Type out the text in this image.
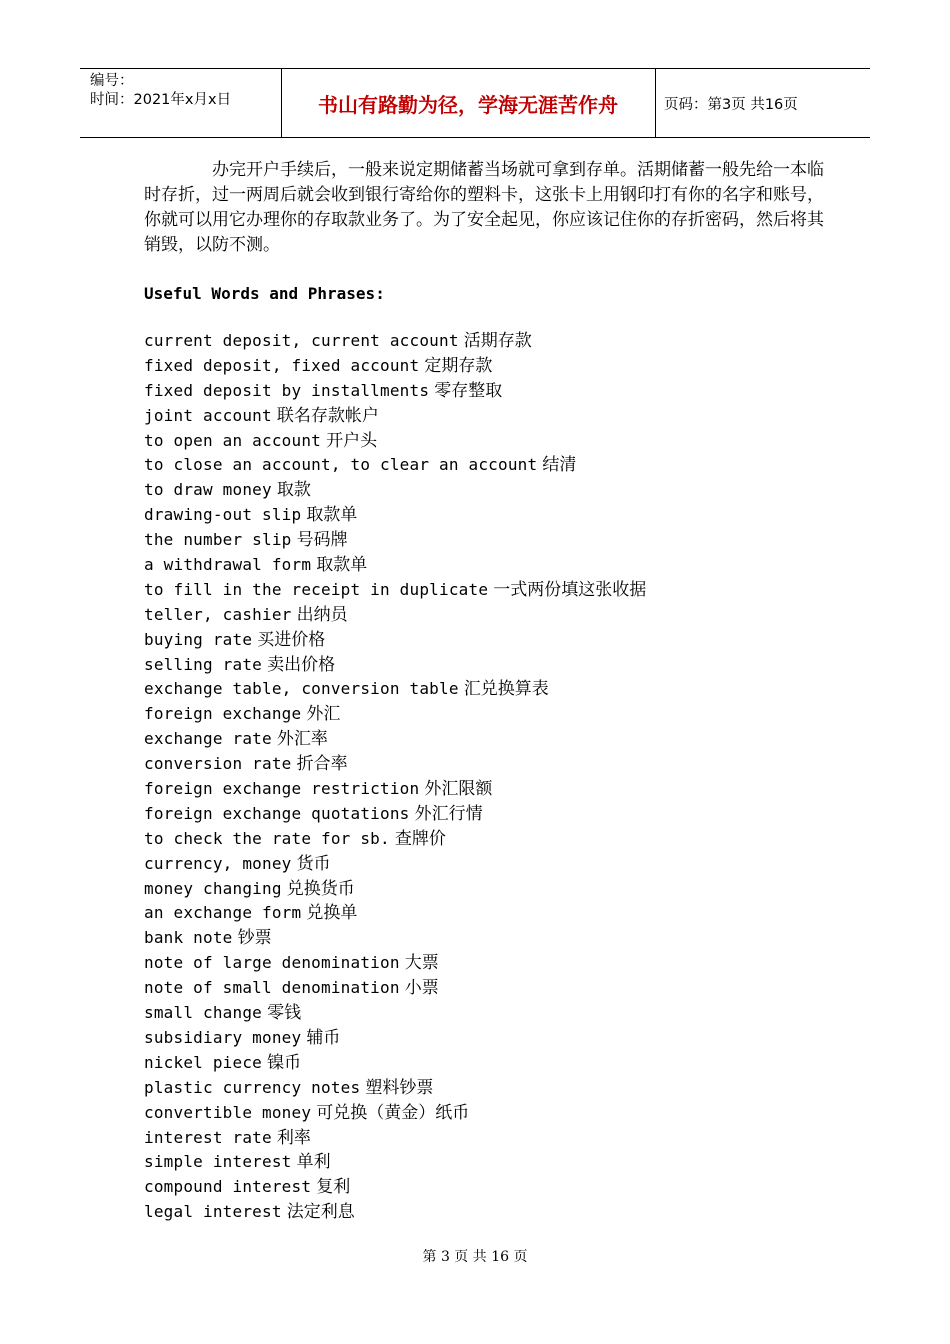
编号：
时间：2021年x月x日	书山有路勤为径，学海无涯苦作舟	页码：第3页 共16页

办完开户手续后，一般来说定期储蓄当场就可拿到存单。活期储蓄一般先给一本临时存折，过一两周后就会收到银行寄给你的塑料卡，这张卡上用钢印打有你的名字和账号，你就可以用它办理你的存取款业务了。为了安全起见，你应该记住你的存折密码，然后将其销毁，以防不测。

Useful Words and Phrases:

current deposit, current account 活期存款
fixed deposit, fixed account 定期存款
fixed deposit by installments 零存整取
joint account 联名存款帐户
to open an account 开户头
to close an account, to clear an account 结清
to draw money 取款
drawing-out slip 取款单
the number slip 号码牌
a withdrawal form 取款单
to fill in the receipt in duplicate 一式两份填这张收据
teller, cashier 出纳员
buying rate 买进价格
selling rate 卖出价格
exchange table, conversion table 汇兑换算表
foreign exchange 外汇
exchange rate 外汇率
conversion rate 折合率
foreign exchange restriction 外汇限额
foreign exchange quotations 外汇行情
to check the rate for sb. 查牌价
currency, money 货币
money changing 兑换货币
an exchange form 兑换单
bank note 钞票
note of large denomination 大票
note of small denomination 小票
small change 零钱
subsidiary money 辅币
nickel piece 镍币
plastic currency notes 塑料钞票
convertible money 可兑换（黄金）纸币
interest rate 利率
simple interest 单利
compound interest 复利
legal interest 法定利息
第 3 页 共 16 页
